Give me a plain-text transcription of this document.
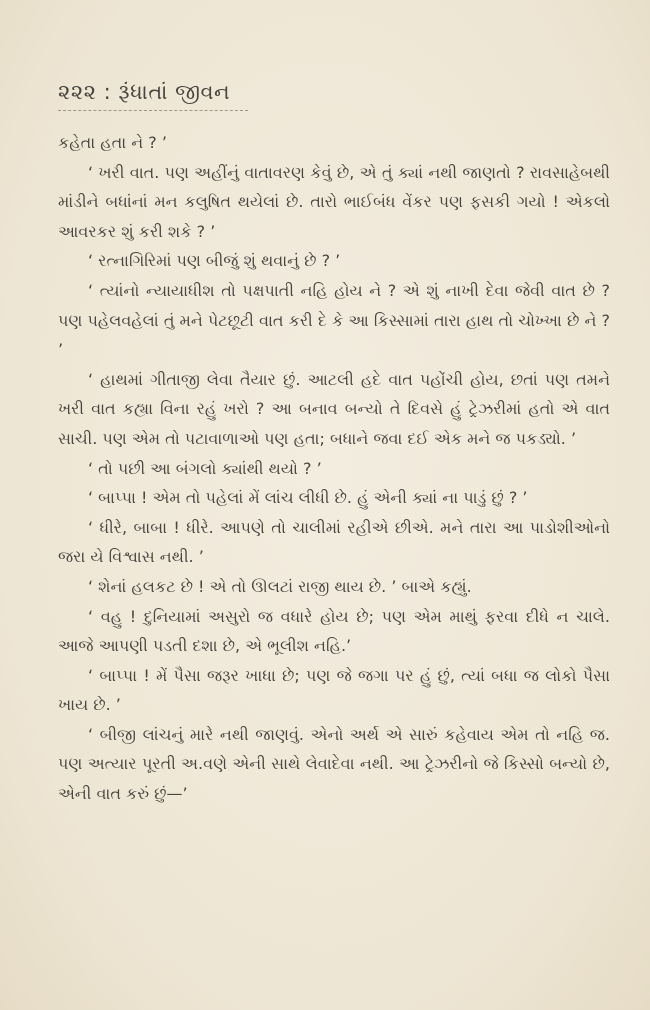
૨૨૨ : રૂંધાતાં જીવન

કહેતા હતા ને ? ’

‘ ખરી વાત. પણ અહીંનું વાતાવરણ કેવું છે, એ તું ક્યાં નથી જાણતો ? રાવસાહેબથી માંડીને બધાંનાં મન કલુષિત થયેલાં છે. તારો ભાઈબંધ વેંકર પણ ફસકી ગયો ! એકલો આવરકર શું કરી શકે ? ’

‘ રત્નાગિરિમાં પણ બીજું શું થવાનું છે ? ’

‘ ત્યાંનો ન્યાયાધીશ તો પક્ષપાતી નહિ હોય ને ? એ શું નાખી દેવા જેવી વાત છે ? પણ પહેલવહેલાં તું મને પેટછૂટી વાત કરી દે કે આ કિસ્સામાં તારા હાથ તો ચોખ્ખા છે ને ? ’

‘ હાથમાં ગીતાજી લેવા તૈયાર છું. આટલી હદે વાત પહોંચી હોય, છતાં પણ તમને ખરી વાત કહ્યા વિના રહું ખરો ? આ બનાવ બન્યો તે દિવસે હું ટ્રેઝરીમાં હતો એ વાત સાચી. પણ એમ તો પટાવાળાઓ પણ હતા; બધાને જવા દઈ એક મને જ પકડ્યો. ’

‘ તો પછી આ બંગલો ક્યાંથી થયો ? ’

‘ બાપ્પા ! એમ તો પહેલાં મેં લાંચ લીધી છે. હું એની ક્યાં ના પાડું છું ? ’

‘ ધીરે, બાબા ! ધીરે. આપણે તો ચાલીમાં રહીએ છીએ. મને તારા આ પાડોશીઓનો જરા યે વિશ્વાસ નથી. ’

‘ શેનાં હલકટ છે ! એ તો ઊલટાં રાજી થાય છે. ’ બાએ કહ્યું.

‘ વહુ ! દુનિયામાં અસુરો જ વધારે હોય છે; પણ એમ માથું ફરવા દીધે ન ચાલે. આજે આપણી પડતી દશા છે, એ ભૂલીશ નહિ.’

‘ બાપ્પા ! મેં પૈસા જરૂર ખાધા છે; પણ જે જગા પર હું છું, ત્યાં બધા જ લોકો પૈસા ખાય છે. ’

‘ બીજી લાંચનું મારે નથી જાણવું. એનો અર્થ એ સારું કહેવાય એમ તો નહિ જ. પણ અત્યાર પૂરતી અ.વણે એની સાથે લેવાદેવા નથી. આ ટ્રેઝરીનો જે કિસ્સો બન્યો છે, એની વાત કરું છું—’
